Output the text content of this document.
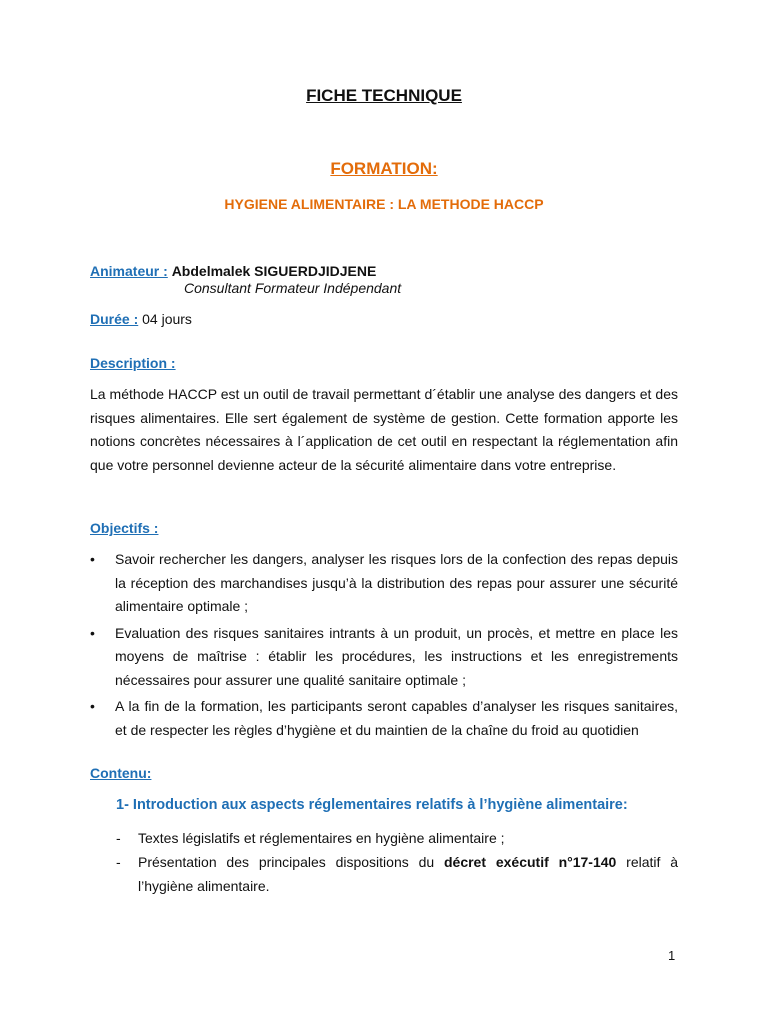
FICHE TECHNIQUE
FORMATION:
HYGIENE ALIMENTAIRE : LA METHODE HACCP
Animateur : Abdelmalek SIGUERDJIDJENE
Consultant Formateur Indépendant
Durée : 04 jours
Description :
La méthode HACCP est un outil de travail permettant d´établir une analyse des dangers et des risques alimentaires. Elle sert également de système de gestion. Cette formation apporte les notions concrètes nécessaires à l´application de cet outil en respectant la réglementation afin que votre personnel devienne acteur de la sécurité alimentaire dans votre entreprise.
Objectifs :
• Savoir rechercher les dangers, analyser les risques lors de la confection des repas depuis la réception des marchandises jusqu’à la distribution des repas pour assurer une sécurité alimentaire optimale ;
• Evaluation des risques sanitaires intrants à un produit, un procès, et mettre en place les moyens de maîtrise : établir les procédures, les instructions et les enregistrements nécessaires pour assurer une qualité sanitaire optimale ;
• A la fin de la formation, les participants seront capables d’analyser les risques sanitaires, et de respecter les règles d’hygiène et du maintien de la chaîne du froid au quotidien
Contenu:
1- Introduction aux aspects réglementaires relatifs à l’hygiène alimentaire:
- Textes législatifs et réglementaires en hygiène alimentaire ;
- Présentation des principales dispositions du décret exécutif n°17-140 relatif à l’hygiène alimentaire.
1
